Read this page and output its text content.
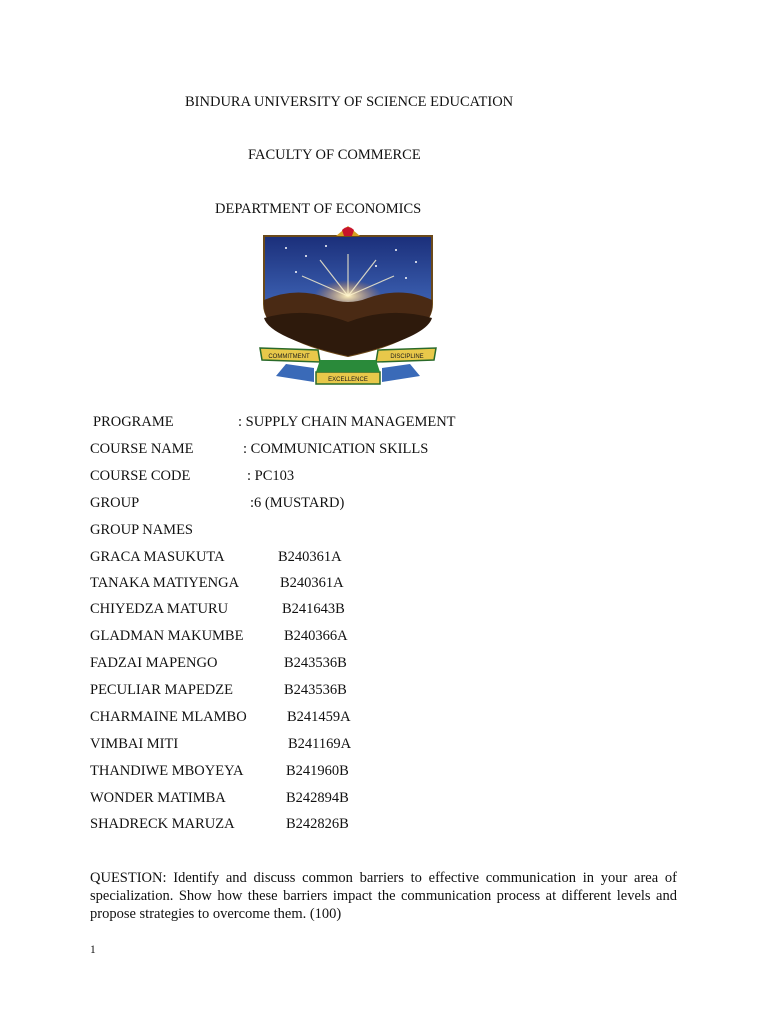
BINDURA UNIVERSITY OF SCIENCE EDUCATION
FACULTY OF COMMERCE
DEPARTMENT OF ECONOMICS
COMMITMENT	DISCIPLINE
EXCELLENCE
PROGRAME	: SUPPLY CHAIN MANAGEMENT
COURSE NAME	: COMMUNICATION SKILLS
COURSE CODE	: PC103
GROUP	:6 (MUSTARD)
GROUP NAMES
GRACA MASUKUTA	B240361A
TANAKA MATIYENGA	B240361A
CHIYEDZA MATURU	B241643B
GLADMAN MAKUMBE	B240366A
FADZAI MAPENGO	B243536B
PECULIAR MAPEDZE	B243536B
CHARMAINE MLAMBO	B241459A
VIMBAI MITI	B241169A
THANDIWE MBOYEYA	B241960B
WONDER MATIMBA	B242894B
SHADRECK MARUZA	B242826B
QUESTION: Identify and discuss common barriers to effective communication in your area of specialization. Show how these barriers impact the communication process at different levels and propose strategies to overcome them. (100)
1
